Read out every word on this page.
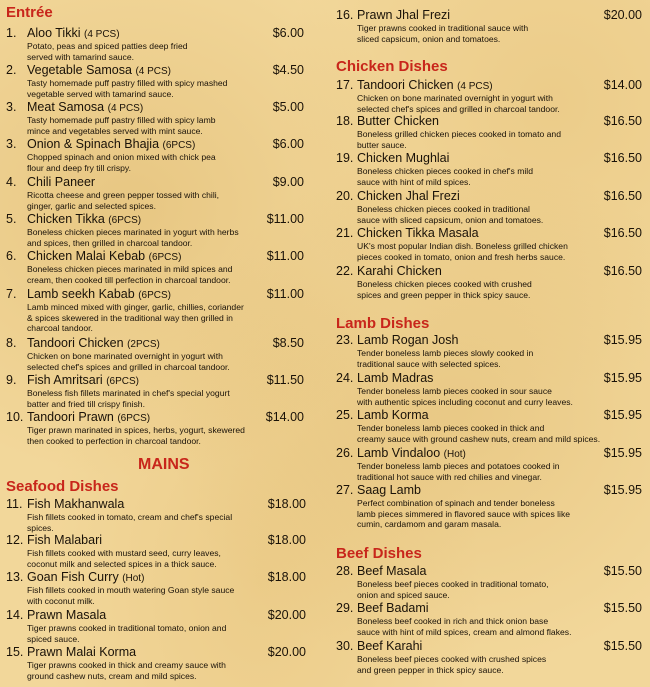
Entrée
1. Aloo Tikki (4 PCS)	$6.00
Potato, peas and spiced patties deep fried
served with tamarind sauce.
2. Vegetable Samosa (4 PCS)	$4.50
Tasty homemade puff pastry filled with spicy mashed
vegetable served with tamarind sauce.
3. Meat Samosa (4 PCS)	$5.00
Tasty homemade puff pastry filled with spicy lamb
mince and vegetables served with mint sauce.
3. Onion & Spinach Bhajia (6PCS)	$6.00
Chopped spinach and onion mixed with chick pea
flour and deep fry till crispy.
4. Chili Paneer	$9.00
Ricotta cheese and green pepper tossed with chili,
ginger, garlic and selected spices.
5. Chicken Tikka (6PCS)	$11.00
Boneless chicken pieces marinated in yogurt with herbs
and spices, then grilled in charcoal tandoor.
6. Chicken Malai Kebab (6PCS)	$11.00
Boneless chicken pieces marinated in mild spices and
cream, then cooked till perfection in charcoal tandoor.
7. Lamb seekh Kabab (6PCS)	$11.00
Lamb minced mixed with ginger, garlic, chillies, coriander
& spices skewered in the traditional way then grilled in
charcoal tandoor.
8. Tandoori Chicken (2PCS)	$8.50
Chicken on bone marinated overnight in yogurt with
selected chef's spices and grilled in charcoal tandoor.
9. Fish Amritsari (6PCS)	$11.50
Boneless fish fillets marinated in chef's special yogurt
batter and fried till crispy finish.
10. Tandoori Prawn (6PCS)	$14.00
Tiger prawn marinated in spices, herbs, yogurt, skewered
then cooked to perfection in charcoal tandoor.
MAINS
Seafood Dishes
11. Fish Makhanwala	$18.00
Fish fillets cooked in tomato, cream and chef's special
spices.
12. Fish Malabari	$18.00
Fish fillets cooked with mustard seed, curry leaves,
coconut milk and selected spices in a thick sauce.
13. Goan Fish Curry (Hot)	$18.00
Fish fillets cooked in mouth watering Goan style sauce
with coconut milk.
14. Prawn Masala	$20.00
Tiger prawns cooked in traditional tomato, onion and
spiced sauce.
15. Prawn Malai Korma	$20.00
Tiger prawns cooked in thick and creamy sauce with
ground cashew nuts, cream and mild spices.
16. Prawn Jhal Frezi	$20.00
Tiger prawns cooked in traditional sauce with
sliced capsicum, onion and tomatoes.
Chicken Dishes
17. Tandoori Chicken (4 PCS)	$14.00
Chicken on bone marinated overnight in yogurt with
selected chef's spices and grilled in charcoal tandoor.
18. Butter Chicken	$16.50
Boneless grilled chicken pieces cooked in tomato and
butter sauce.
19. Chicken Mughlai	$16.50
Boneless chicken pieces cooked in chef's mild
sauce with hint of mild spices.
20. Chicken Jhal Frezi	$16.50
Boneless chicken pieces cooked in traditional
sauce with sliced capsicum, onion and tomatoes.
21. Chicken Tikka Masala	$16.50
UK's most popular Indian dish. Boneless grilled chicken
pieces cooked in tomato, onion and fresh herbs sauce.
22. Karahi Chicken	$16.50
Boneless chicken pieces cooked with crushed
spices and green pepper in thick spicy sauce.
Lamb Dishes
23. Lamb Rogan Josh	$15.95
Tender boneless lamb pieces slowly cooked in
traditional sauce with selected spices.
24. Lamb Madras	$15.95
Tender boneless lamb pieces cooked in sour sauce
with authentic spices including coconut and curry leaves.
25. Lamb Korma	$15.95
Tender boneless lamb pieces cooked in thick and
creamy sauce with ground cashew nuts, cream and mild spices.
26. Lamb Vindaloo (Hot)	$15.95
Tender boneless lamb pieces and potatoes cooked in
traditional hot sauce with red chilies and vinegar.
27. Saag Lamb	$15.95
Perfect combination of spinach and tender boneless
lamb pieces simmered in flavored sauce with spices like
cumin, cardamom and garam masala.
Beef Dishes
28. Beef Masala	$15.50
Boneless beef pieces cooked in traditional tomato,
onion and spiced sauce.
29. Beef Badami	$15.50
Boneless beef cooked in rich and thick onion base
sauce with hint of mild spices, cream and almond flakes.
30. Beef Karahi	$15.50
Boneless beef pieces cooked with crushed spices
and green pepper in thick spicy sauce.
